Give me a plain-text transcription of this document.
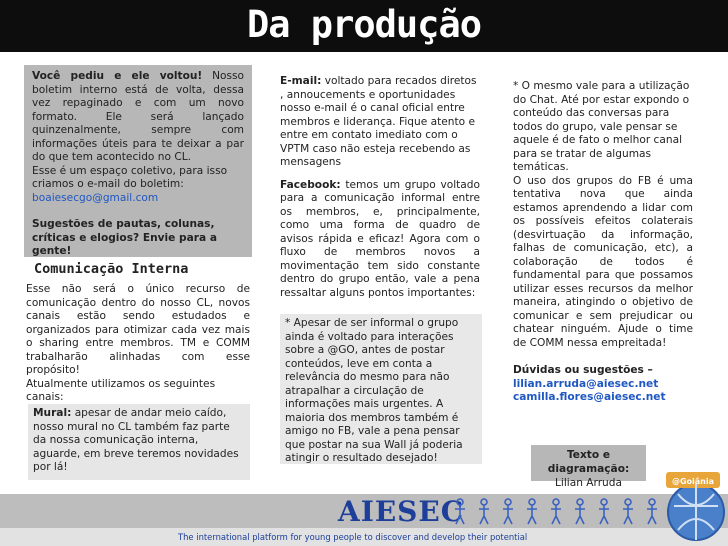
Da produção

Você pediu e ele voltou! Nosso boletim interno está de volta, dessa vez repaginado e com um novo formato. Ele será lançado quinzenalmente, sempre com informações úteis para te deixar a par do que tem acontecido no CL.

Esse é um espaço coletivo, para isso criamos o e-mail do boletim:
boaiesecgo@gmail.com

Sugestões de pautas, colunas, críticas e elogios? Envie para a gente!

Comunicação Interna

Esse não será o único recurso de comunicação dentro do nosso CL, novos canais estão sendo estudados e organizados para otimizar cada vez mais o sharing entre membros. TM e COMM trabalharão alinhadas com esse propósito!

Atualmente utilizamos os seguintes canais:

Mural: apesar de andar meio caído, nosso mural no CL também faz parte da nossa comunicação interna, aguarde, em breve teremos novidades por lá!

E-mail: voltado para recados diretos , annoucements e oportunidades nosso e-mail é o canal oficial entre membros e liderança. Fique atento e entre em contato imediato com o VPTM caso não esteja recebendo as mensagens

Facebook: temos um grupo voltado para a comunicação informal entre os membros, e, principalmente, como uma forma de quadro de avisos rápida e eficaz! Agora com o fluxo de membros novos a movimentação tem sido constante dentro do grupo então, vale a pena ressaltar alguns pontos importantes:

* Apesar de ser informal o grupo ainda é voltado para interações sobre a @GO, antes de postar conteúdos, leve em conta a relevância do mesmo para não atrapalhar a circulação de informações mais urgentes. A maioria dos membros também é amigo no FB, vale a pena pensar que postar na sua Wall já poderia atingir o resultado desejado!

* O mesmo vale para a utilização do Chat. Até por estar expondo o conteúdo das conversas para todos do grupo, vale pensar se aquele é de fato o melhor canal para se tratar de algumas temáticas.

O uso dos grupos do FB é uma tentativa nova que ainda estamos aprendendo a lidar com os possíveis efeitos colaterais (desvirtuação da informação, falhas de comunicação, etc), a colaboração de todos é fundamental para que possamos utilizar esses recursos da melhor maneira, atingindo o objetivo de comunicar e sem prejudicar ou chatear ninguém. Ajude o time de COMM nessa empreitada!

Dúvidas ou sugestões –
lilian.arruda@aiesec.net
camilla.flores@aiesec.net

Texto e diagramação:
Lilian Arruda
AIESEC
The international platform for young people to discover and develop their potential
@Goiânia
